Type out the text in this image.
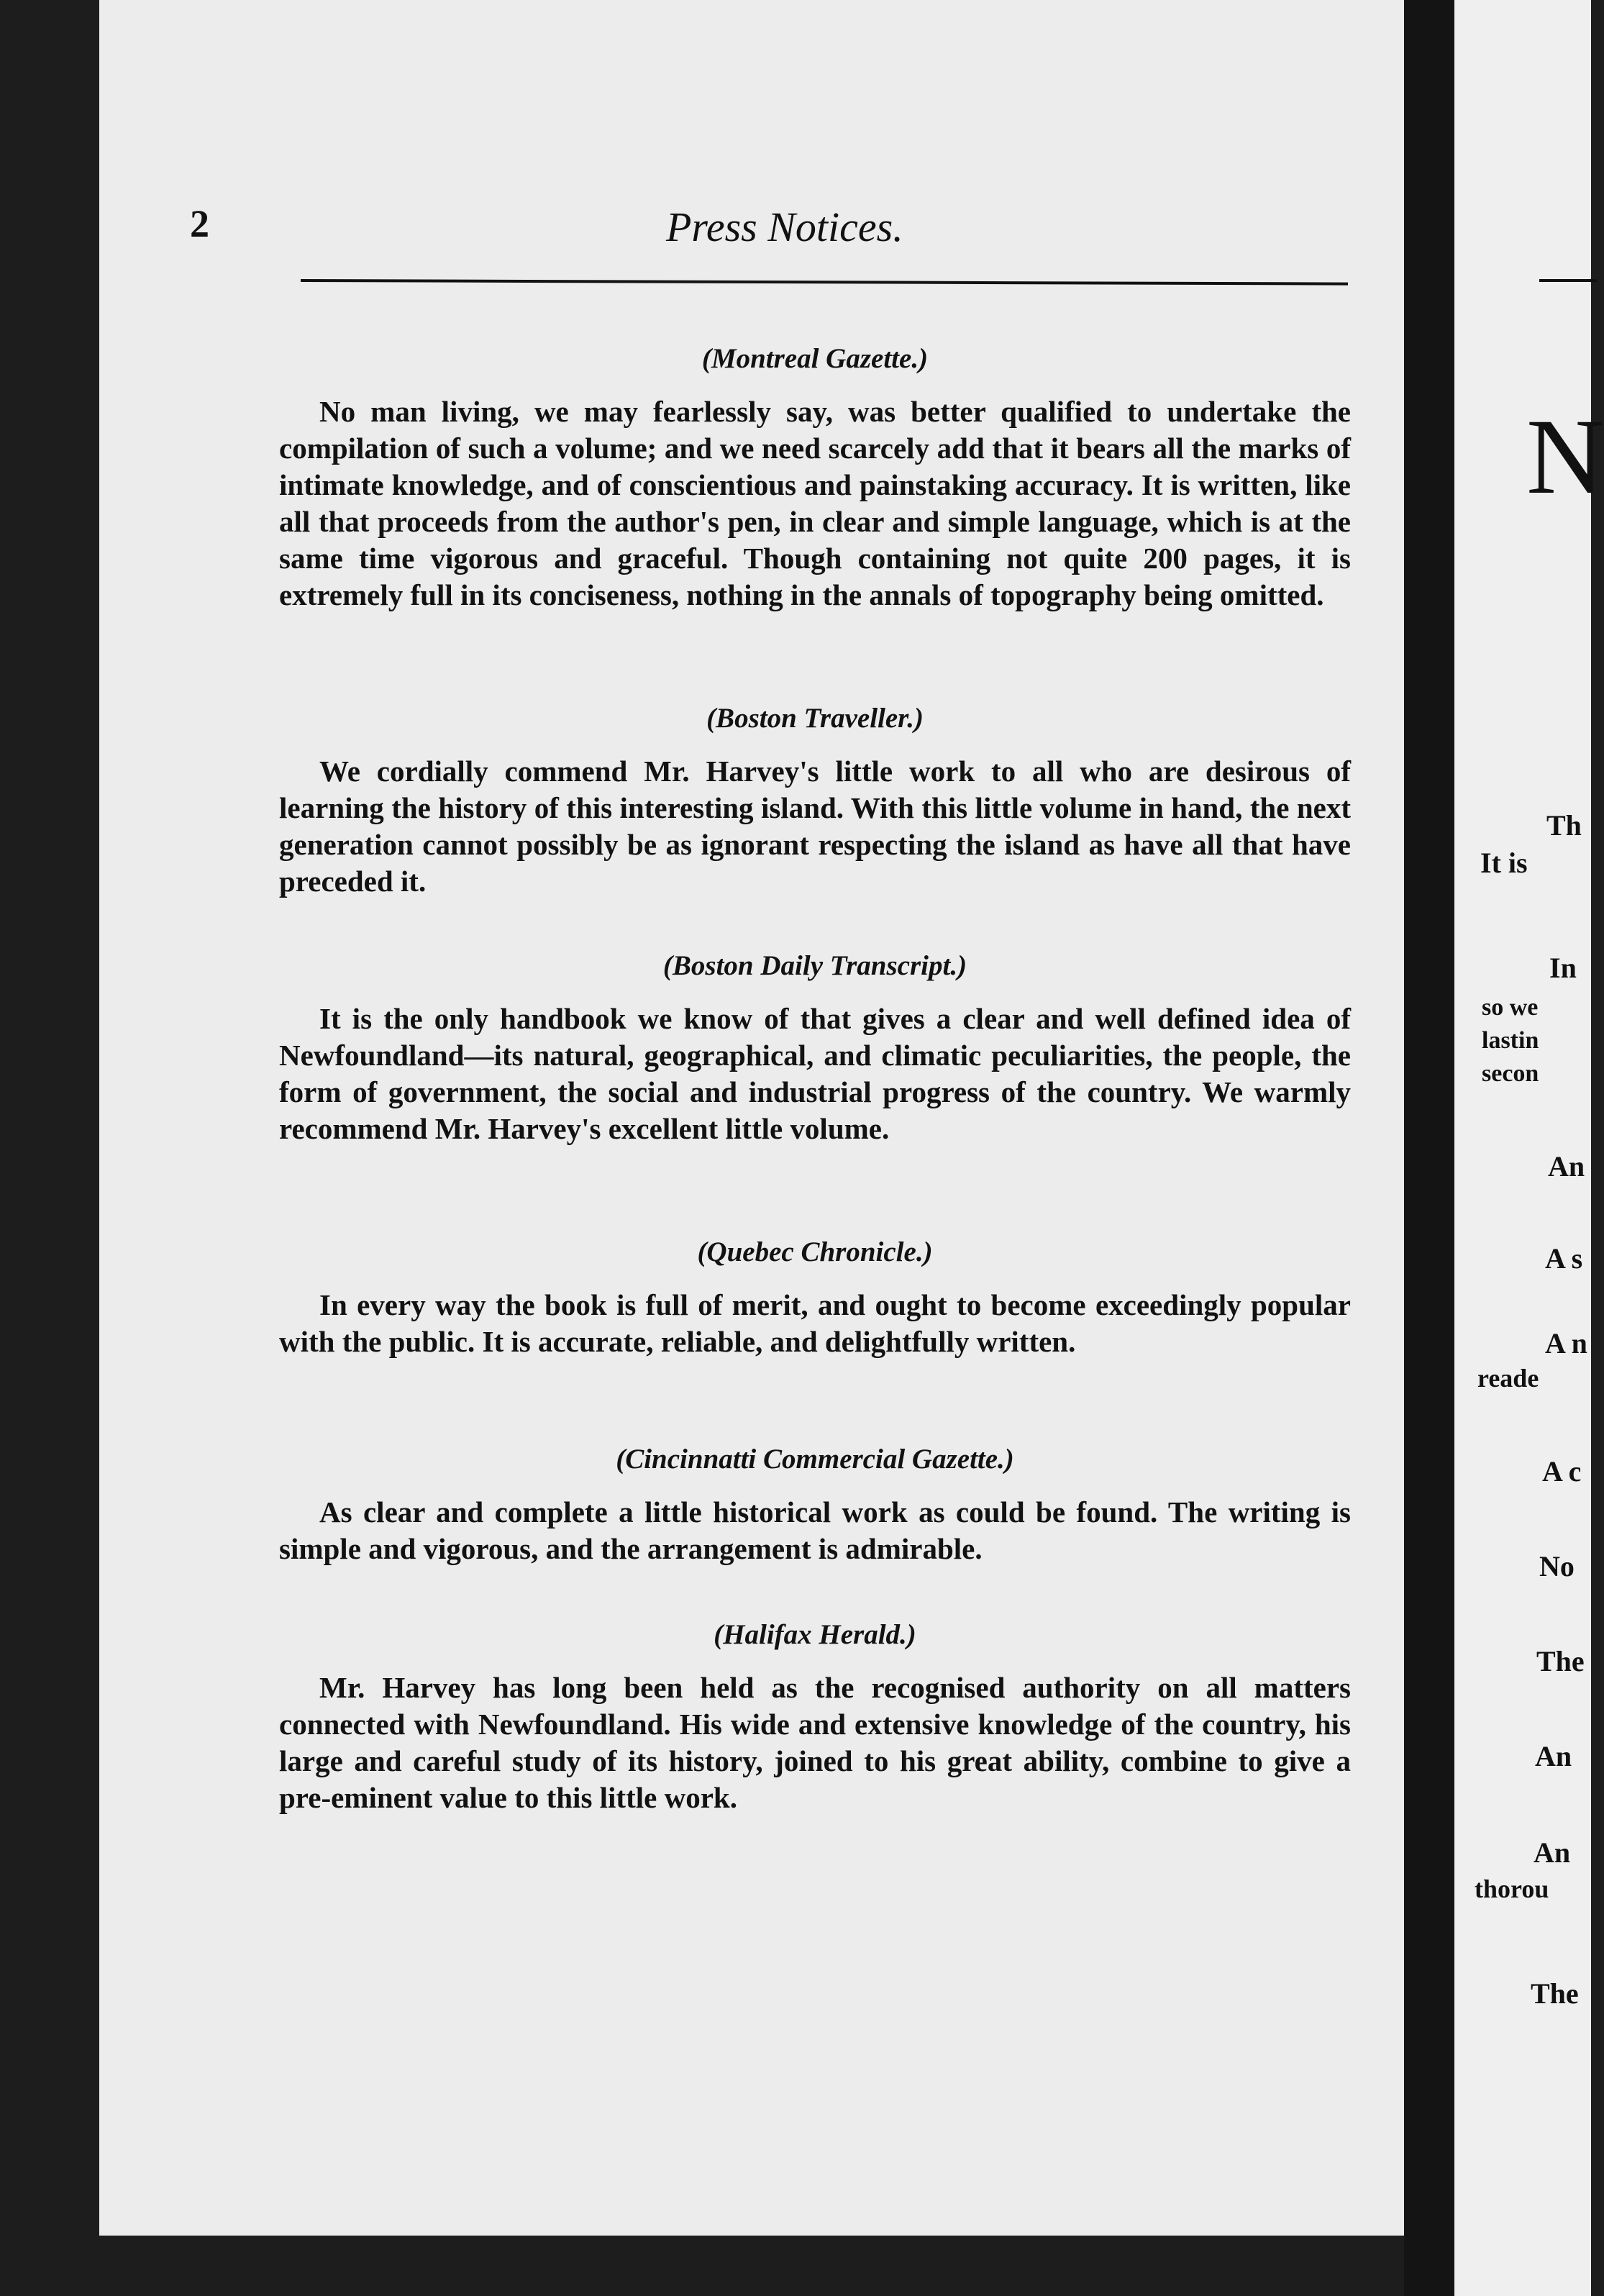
N
Th
It is
In
so we
lastin
secon
An
A s
A n
reade
A c
No
The
An
An
thorou
The
2	Press Notices.
(Montreal Gazette.)

No man living, we may fearlessly say, was better qualified to undertake the compilation of such a volume; and we need scarcely add that it bears all the marks of intimate knowledge, and of conscientious and painstaking accuracy. It is written, like all that proceeds from the author's pen, in clear and simple language, which is at the same time vigorous and graceful. Though containing not quite 200 pages, it is extremely full in its conciseness, nothing in the annals of topography being omitted.

(Boston Traveller.)

We cordially commend Mr. Harvey's little work to all who are desirous of learning the history of this interesting island. With this little volume in hand, the next generation cannot possibly be as ignorant respecting the island as have all that have preceded it.

(Boston Daily Transcript.)

It is the only handbook we know of that gives a clear and well defined idea of Newfoundland—its natural, geographical, and climatic peculiarities, the people, the form of government, the social and industrial progress of the country. We warmly recommend Mr. Harvey's excellent little volume.

(Quebec Chronicle.)

In every way the book is full of merit, and ought to become exceedingly popular with the public. It is accurate, reliable, and delightfully written.

(Cincinnatti Commercial Gazette.)

As clear and complete a little historical work as could be found. The writing is simple and vigorous, and the arrangement is admirable.

(Halifax Herald.)

Mr. Harvey has long been held as the recognised authority on all matters connected with Newfoundland. His wide and extensive knowledge of the country, his large and careful study of its history, joined to his great ability, combine to give a pre-eminent value to this little work.
